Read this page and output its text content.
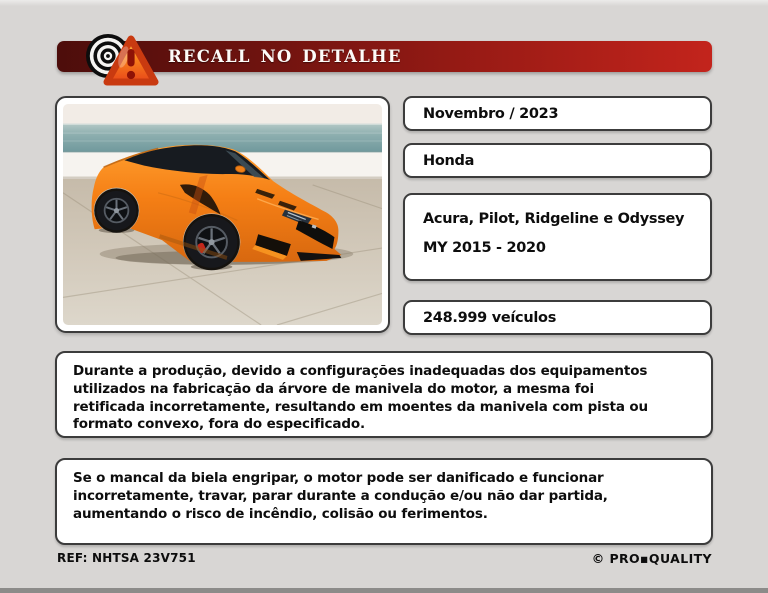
RECALL NO DETALHE
Novembro / 2023
Honda
Acura, Pilot, Ridgeline e Odyssey
MY 2015 - 2020
248.999 veículos
Durante a produção, devido a configurações inadequadas dos equipamentos
utilizados na fabricação da árvore de manivela do motor, a mesma foi
retificada incorretamente, resultando em moentes da manivela com pista ou
formato convexo, fora do especificado.
Se o mancal da biela engripar, o motor pode ser danificado e funcionar
incorretamente, travar, parar durante a condução e/ou não dar partida,
aumentando o risco de incêndio, colisão ou ferimentos.
REF: NHTSA 23V751	© PRO▪QUALITY
